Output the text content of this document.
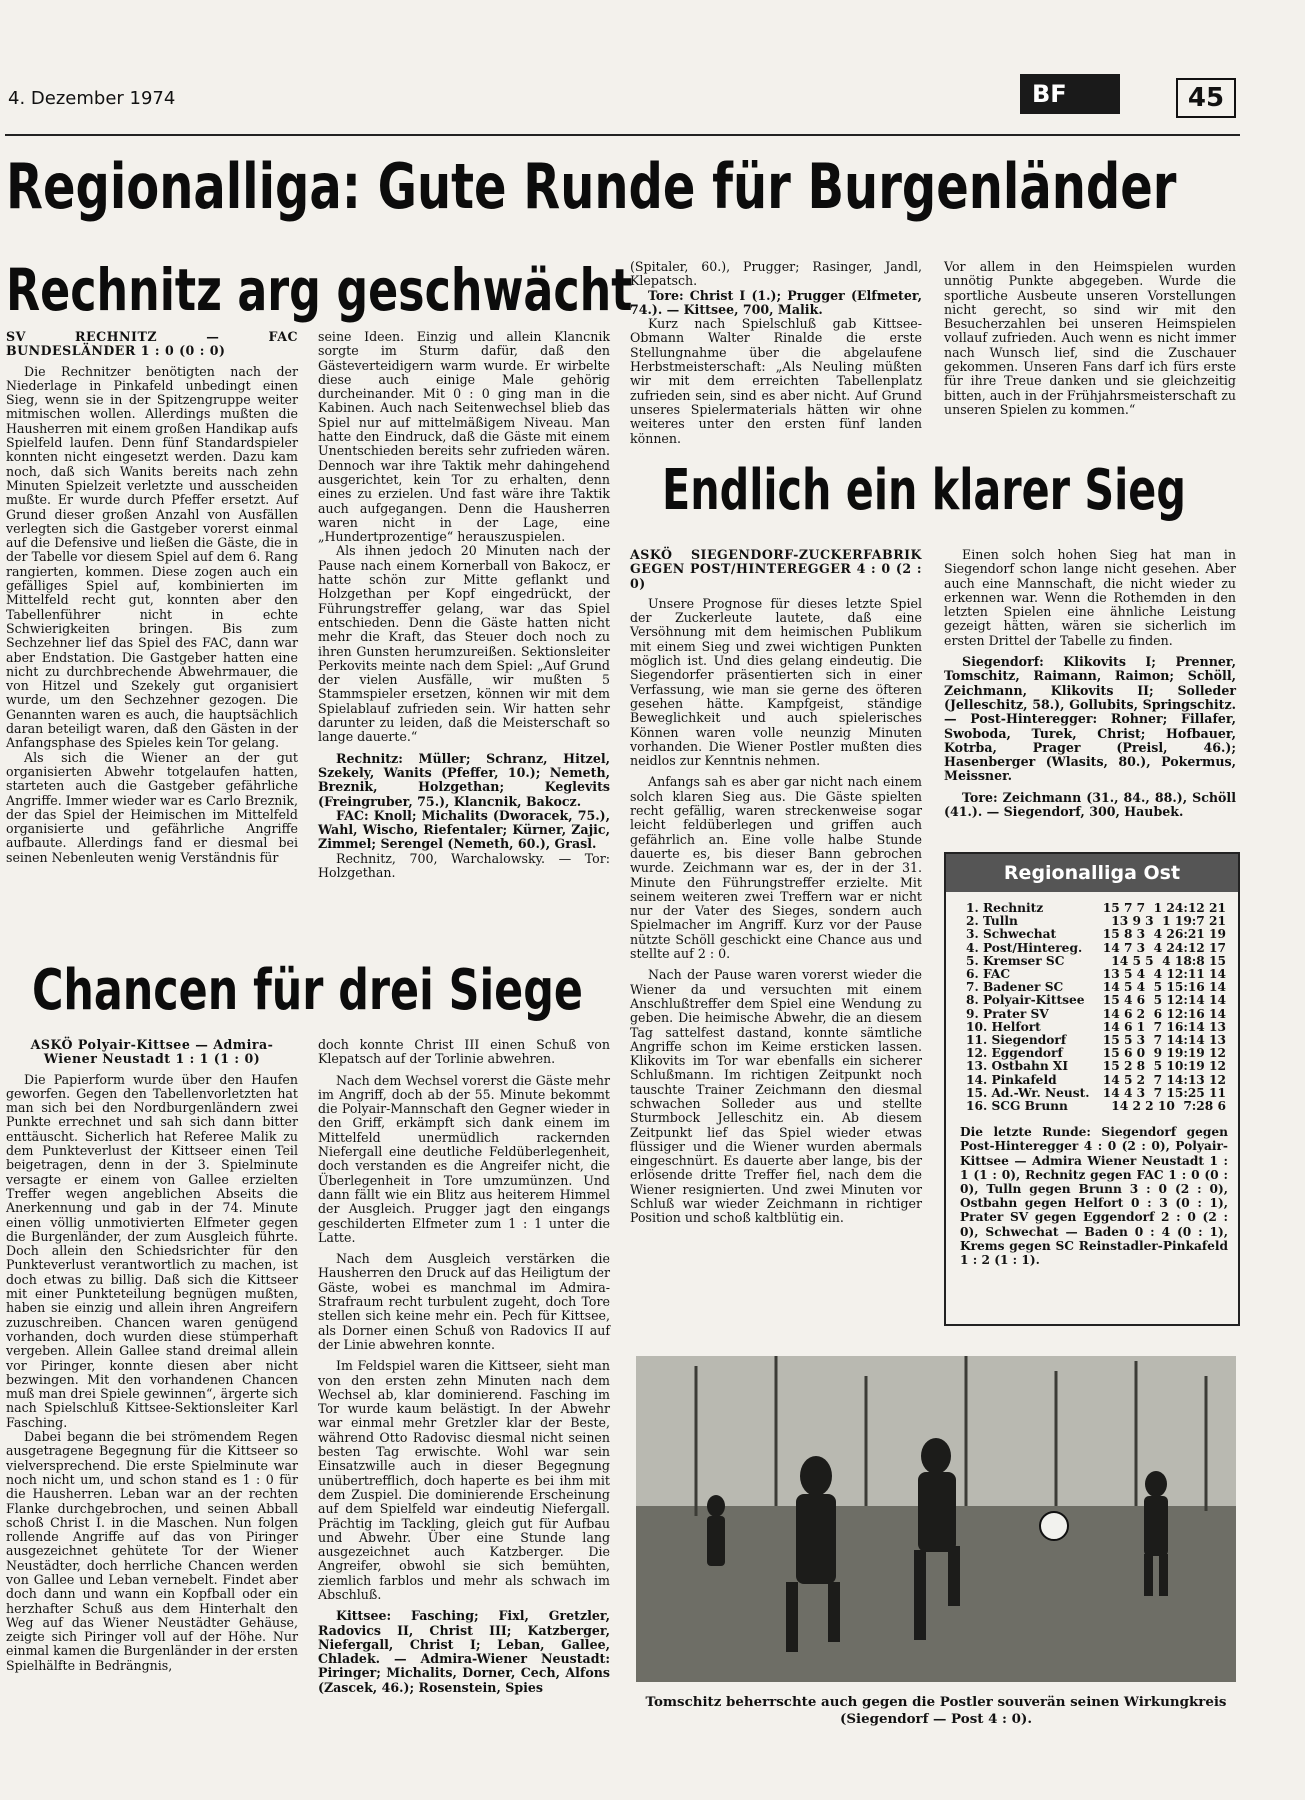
4. Dezember 1974	BF	45
Regionalliga: Gute Runde für Burgenländer
Rechnitz arg geschwächt

SV RECHNITZ — FAC BUNDESLÄNDER 1 : 0 (0 : 0)

Die Rechnitzer benötigten nach der Niederlage in Pinkafeld unbedingt einen Sieg, wenn sie in der Spitzengruppe weiter mitmischen wollen. Allerdings mußten die Hausherren mit einem großen Handikap aufs Spielfeld laufen. Denn fünf Standardspieler konnten nicht eingesetzt werden. Dazu kam noch, daß sich Wanits bereits nach zehn Minuten Spielzeit verletzte und ausscheiden mußte. Er wurde durch Pfeffer ersetzt. Auf Grund dieser großen Anzahl von Ausfällen verlegten sich die Gastgeber vorerst einmal auf die Defensive und ließen die Gäste, die in der Tabelle vor diesem Spiel auf dem 6. Rang rangierten, kommen. Diese zogen auch ein gefälliges Spiel auf, kombinierten im Mittelfeld recht gut, konnten aber den Tabellenführer nicht in echte Schwierigkeiten bringen. Bis zum Sechzehner lief das Spiel des FAC, dann war aber Endstation. Die Gastgeber hatten eine nicht zu durchbrechende Abwehrmauer, die von Hitzel und Szekely gut organisiert wurde, um den Sechzehner gezogen. Die Genannten waren es auch, die hauptsächlich daran beteiligt waren, daß den Gästen in der Anfangsphase des Spieles kein Tor gelang.

Als sich die Wiener an der gut organisierten Abwehr totgelaufen hatten, starteten auch die Gastgeber gefährliche Angriffe. Immer wieder war es Carlo Breznik, der das Spiel der Heimischen im Mittelfeld organisierte und gefährliche Angriffe aufbaute. Allerdings fand er diesmal bei seinen Nebenleuten wenig Verständnis für

seine Ideen. Einzig und allein Klancnik sorgte im Sturm dafür, daß den Gästeverteidigern warm wurde. Er wirbelte diese auch einige Male gehörig durcheinander. Mit 0 : 0 ging man in die Kabinen. Auch nach Seitenwechsel blieb das Spiel nur auf mittelmäßigem Niveau. Man hatte den Eindruck, daß die Gäste mit einem Unentschieden bereits sehr zufrieden wären. Dennoch war ihre Taktik mehr dahingehend ausgerichtet, kein Tor zu erhalten, denn eines zu erzielen. Und fast wäre ihre Taktik auch aufgegangen. Denn die Hausherren waren nicht in der Lage, eine „Hundertprozentige“ herauszuspielen.

Als ihnen jedoch 20 Minuten nach der Pause nach einem Kornerball von Bakocz, er hatte schön zur Mitte geflankt und Holzgethan per Kopf eingedrückt, der Führungstreffer gelang, war das Spiel entschieden. Denn die Gäste hatten nicht mehr die Kraft, das Steuer doch noch zu ihren Gunsten herumzureißen. Sektionsleiter Perkovits meinte nach dem Spiel: „Auf Grund der vielen Ausfälle, wir mußten 5 Stammspieler ersetzen, können wir mit dem Spielablauf zufrieden sein. Wir hatten sehr darunter zu leiden, daß die Meisterschaft so lange dauerte.“

Rechnitz: Müller; Schranz, Hitzel, Szekely, Wanits (Pfeffer, 10.); Nemeth, Breznik, Holzgethan; Keglevits (Freingruber, 75.), Klancnik, Bakocz.

FAC: Knoll; Michalits (Dworacek, 75.), Wahl, Wischo, Riefentaler; Kürner, Zajic, Zimmel; Serengel (Nemeth, 60.), Grasl.

Rechnitz, 700, Warchalowsky. — Tor: Holzgethan.

Chancen für drei Siege

ASKÖ Polyair-Kittsee — Admira-Wiener Neustadt 1 : 1 (1 : 0)

Die Papierform wurde über den Haufen geworfen. Gegen den Tabellenvorletzten hat man sich bei den Nordburgenländern zwei Punkte errechnet und sah sich dann bitter enttäuscht. Sicherlich hat Referee Malik zu dem Punkteverlust der Kittseer einen Teil beigetragen, denn in der 3. Spielminute versagte er einem von Gallee erzielten Treffer wegen angeblichen Abseits die Anerkennung und gab in der 74. Minute einen völlig unmotivierten Elfmeter gegen die Burgenländer, der zum Ausgleich führte. Doch allein den Schiedsrichter für den Punkteverlust verantwortlich zu machen, ist doch etwas zu billig. Daß sich die Kittseer mit einer Punkteteilung begnügen mußten, haben sie einzig und allein ihren Angreifern zuzuschreiben. Chancen waren genügend vorhanden, doch wurden diese stümperhaft vergeben. Allein Gallee stand dreimal allein vor Piringer, konnte diesen aber nicht bezwingen. Mit den vorhandenen Chancen muß man drei Spiele gewinnen“, ärgerte sich nach Spielschluß Kittsee-Sektionsleiter Karl Fasching.

Dabei begann die bei strömendem Regen ausgetragene Begegnung für die Kittseer so vielversprechend. Die erste Spielminute war noch nicht um, und schon stand es 1 : 0 für die Hausherren. Leban war an der rechten Flanke durchgebrochen, und seinen Abball schoß Christ I. in die Maschen. Nun folgen rollende Angriffe auf das von Piringer ausgezeichnet gehütete Tor der Wiener Neustädter, doch herrliche Chancen werden von Gallee und Leban vernebelt. Findet aber doch dann und wann ein Kopfball oder ein herzhafter Schuß aus dem Hinterhalt den Weg auf das Wiener Neustädter Gehäuse, zeigte sich Piringer voll auf der Höhe. Nur einmal kamen die Burgenländer in der ersten Spielhälfte in Bedrängnis,

doch konnte Christ III einen Schuß von Klepatsch auf der Torlinie abwehren.

Nach dem Wechsel vorerst die Gäste mehr im Angriff, doch ab der 55. Minute bekommt die Polyair-Mannschaft den Gegner wieder in den Griff, erkämpft sich dank einem im Mittelfeld unermüdlich rackernden Niefergall eine deutliche Feldüberlegenheit, doch verstanden es die Angreifer nicht, die Überlegenheit in Tore umzumünzen. Und dann fällt wie ein Blitz aus heiterem Himmel der Ausgleich. Prugger jagt den eingangs geschilderten Elfmeter zum 1 : 1 unter die Latte.

Nach dem Ausgleich verstärken die Hausherren den Druck auf das Heiligtum der Gäste, wobei es manchmal im Admira-Strafraum recht turbulent zugeht, doch Tore stellen sich keine mehr ein. Pech für Kittsee, als Dorner einen Schuß von Radovics II auf der Linie abwehren konnte.

Im Feldspiel waren die Kittseer, sieht man von den ersten zehn Minuten nach dem Wechsel ab, klar dominierend. Fasching im Tor wurde kaum belästigt. In der Abwehr war einmal mehr Gretzler klar der Beste, während Otto Radovisc diesmal nicht seinen besten Tag erwischte. Wohl war sein Einsatzwille auch in dieser Begegnung unübertrefflich, doch haperte es bei ihm mit dem Zuspiel. Die dominierende Erscheinung auf dem Spielfeld war eindeutig Niefergall. Prächtig im Tackling, gleich gut für Aufbau und Abwehr. Über eine Stunde lang ausgezeichnet auch Katzberger. Die Angreifer, obwohl sie sich bemühten, ziemlich farblos und mehr als schwach im Abschluß.

Kittsee: Fasching; Fixl, Gretzler, Radovics II, Christ III; Katzberger, Niefergall, Christ I; Leban, Gallee, Chladek. — Admira-Wiener Neustadt: Piringer; Michalits, Dorner, Cech, Alfons (Zascek, 46.); Rosenstein, Spies

(Spitaler, 60.), Prugger; Rasinger, Jandl, Klepatsch.

Tore: Christ I (1.); Prugger (Elfmeter, 74.). — Kittsee, 700, Malik.

Kurz nach Spielschluß gab Kittsee-Obmann Walter Rinalde die erste Stellungnahme über die abgelaufene Herbstmeisterschaft: „Als Neuling müßten wir mit dem erreichten Tabellenplatz zufrieden sein, sind es aber nicht. Auf Grund unseres Spielermaterials hätten wir ohne weiteres unter den ersten fünf landen können.

Vor allem in den Heimspielen wurden unnötig Punkte abgegeben. Wurde die sportliche Ausbeute unseren Vorstellungen nicht gerecht, so sind wir mit den Besucherzahlen bei unseren Heimspielen vollauf zufrieden. Auch wenn es nicht immer nach Wunsch lief, sind die Zuschauer gekommen. Unseren Fans darf ich fürs erste für ihre Treue danken und sie gleichzeitig bitten, auch in der Frühjahrsmeisterschaft zu unseren Spielen zu kommen.“

Endlich ein klarer Sieg

ASKÖ SIEGENDORF-ZUCKERFABRIK GEGEN POST/HINTEREGGER 4 : 0 (2 : 0)

Unsere Prognose für dieses letzte Spiel der Zuckerleute lautete, daß eine Versöhnung mit dem heimischen Publikum mit einem Sieg und zwei wichtigen Punkten möglich ist. Und dies gelang eindeutig. Die Siegendorfer präsentierten sich in einer Verfassung, wie man sie gerne des öfteren gesehen hätte. Kampfgeist, ständige Beweglichkeit und auch spielerisches Können waren volle neunzig Minuten vorhanden. Die Wiener Postler mußten dies neidlos zur Kenntnis nehmen.

Anfangs sah es aber gar nicht nach einem solch klaren Sieg aus. Die Gäste spielten recht gefällig, waren streckenweise sogar leicht feldüberlegen und griffen auch gefährlich an. Eine volle halbe Stunde dauerte es, bis dieser Bann gebrochen wurde. Zeichmann war es, der in der 31. Minute den Führungstreffer erzielte. Mit seinem weiteren zwei Treffern war er nicht nur der Vater des Sieges, sondern auch Spielmacher im Angriff. Kurz vor der Pause nützte Schöll geschickt eine Chance aus und stellte auf 2 : 0.

Nach der Pause waren vorerst wieder die Wiener da und versuchten mit einem Anschlußtreffer dem Spiel eine Wendung zu geben. Die heimische Abwehr, die an diesem Tag sattelfest dastand, konnte sämtliche Angriffe schon im Keime ersticken lassen. Klikovits im Tor war ebenfalls ein sicherer Schlußmann. Im richtigen Zeitpunkt noch tauschte Trainer Zeichmann den diesmal schwachen Solleder aus und stellte Sturmbock Jelleschitz ein. Ab diesem Zeitpunkt lief das Spiel wieder etwas flüssiger und die Wiener wurden abermals eingeschnürt. Es dauerte aber lange, bis der erlösende dritte Treffer fiel, nach dem die Wiener resignierten. Und zwei Minuten vor Schluß war wieder Zeichmann in richtiger Position und schoß kaltblütig ein.

Einen solch hohen Sieg hat man in Siegendorf schon lange nicht gesehen. Aber auch eine Mannschaft, die nicht wieder zu erkennen war. Wenn die Rothemden in den letzten Spielen eine ähnliche Leistung gezeigt hätten, wären sie sicherlich im ersten Drittel der Tabelle zu finden.

Siegendorf: Klikovits I; Prenner, Tomschitz, Raimann, Raimon; Schöll, Zeichmann, Klikovits II; Solleder (Jelleschitz, 58.), Gollubits, Springschitz. — Post-Hinteregger: Rohner; Fillafer, Swoboda, Turek, Christ; Hofbauer, Kotrba, Prager (Preisl, 46.); Hasenberger (Wlasits, 80.), Pokermus, Meissner.

Tore: Zeichmann (31., 84., 88.), Schöll (41.). — Siegendorf, 300, Haubek.

Regionalliga Ost
1. Rechnitz	15 7 7  1 24:12 21
2. Tulln	13 9 3  1 19:7 21
3. Schwechat	15 8 3  4 26:21 19
4. Post/Hintereg.	14 7 3  4 24:12 17
5. Kremser SC	14 5 5  4 18:8 15
6. FAC	13 5 4  4 12:11 14
7. Badener SC	14 5 4  5 15:16 14
8. Polyair-Kittsee	15 4 6  5 12:14 14
9. Prater SV	14 6 2  6 12:16 14
10. Helfort	14 6 1  7 16:14 13
11. Siegendorf	15 5 3  7 14:14 13
12. Eggendorf	15 6 0  9 19:19 12
13. Ostbahn XI	15 2 8  5 10:19 12
14. Pinkafeld	14 5 2  7 14:13 12
15. Ad.-Wr. Neust.	14 4 3  7 15:25 11
16. SCG Brunn	14 2 2 10  7:28 6
Die letzte Runde: Siegendorf gegen Post-Hinteregger 4 : 0 (2 : 0), Polyair-Kittsee — Admira Wiener Neustadt 1 : 1 (1 : 0), Rechnitz gegen FAC 1 : 0 (0 : 0), Tulln gegen Brunn 3 : 0 (2 : 0), Ostbahn gegen Helfort 0 : 3 (0 : 1), Prater SV gegen Eggendorf 2 : 0 (2 : 0), Schwechat — Baden 0 : 4 (0 : 1), Krems gegen SC Reinstadler-Pinkafeld 1 : 2 (1 : 1).
Tomschitz beherrschte auch gegen die Postler souverän seinen Wirkungkreis (Siegendorf — Post 4 : 0).
